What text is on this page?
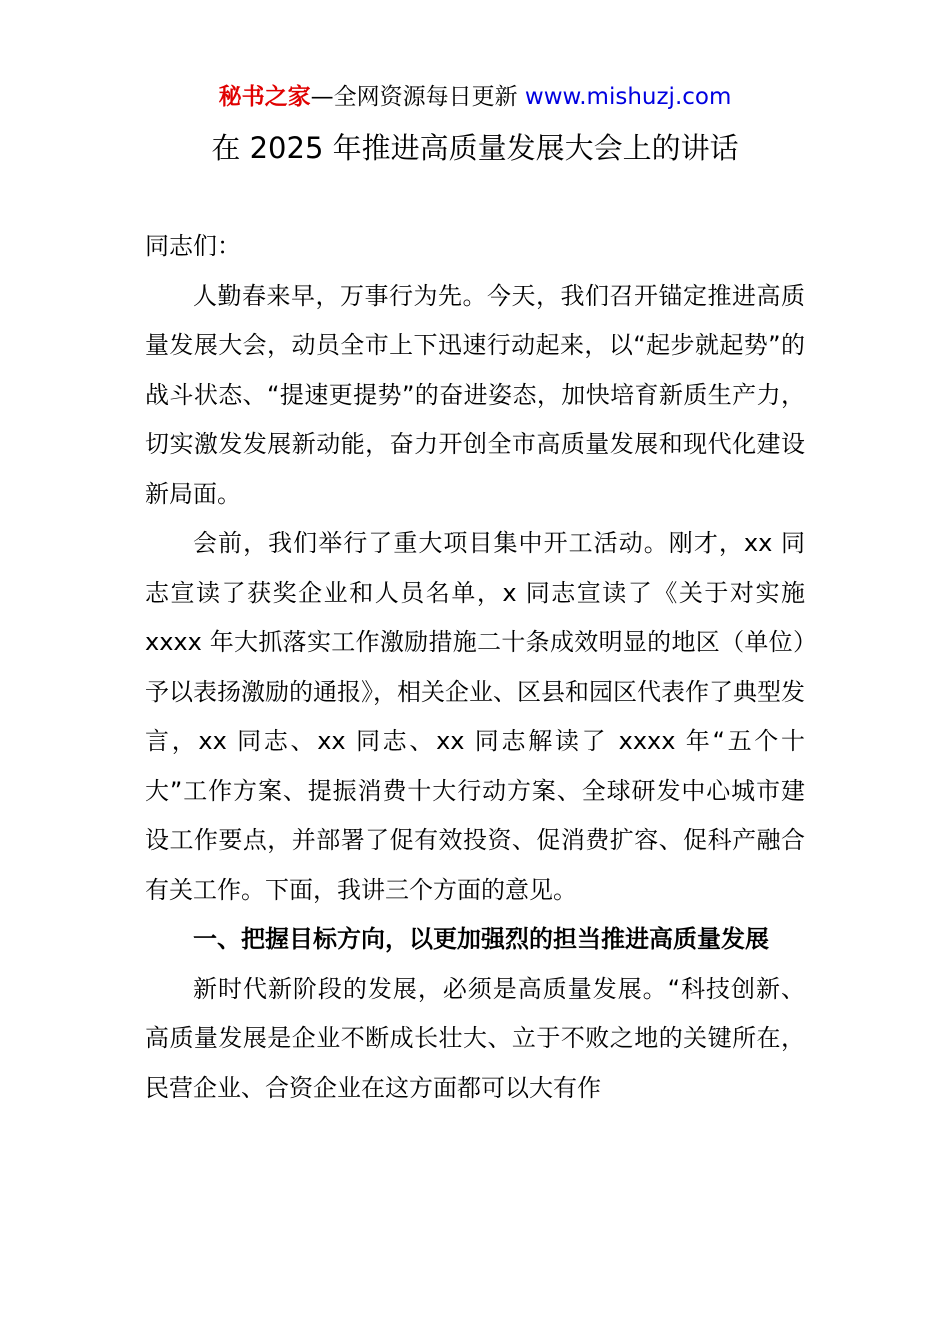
秘书之家—全网资源每日更新 www.mishuzj.com
在 2025 年推进高质量发展大会上的讲话

同志们：

人勤春来早，万事行为先。今天，我们召开锚定推进高质量发展大会，动员全市上下迅速行动起来，以“起步就起势”的战斗状态、“提速更提势”的奋进姿态，加快培育新质生产力，切实激发发展新动能，奋力开创全市高质量发展和现代化建设新局面。

会前，我们举行了重大项目集中开工活动。刚才，xx 同志宣读了获奖企业和人员名单，x 同志宣读了《关于对实施 xxxx 年大抓落实工作激励措施二十条成效明显的地区（单位）予以表扬激励的通报》，相关企业、区县和园区代表作了典型发言，xx 同志、xx 同志、xx 同志解读了 xxxx 年“五个十大”工作方案、提振消费十大行动方案、全球研发中心城市建设工作要点，并部署了促有效投资、促消费扩容、促科产融合有关工作。下面，我讲三个方面的意见。

一、把握目标方向，以更加强烈的担当推进高质量发展

新时代新阶段的发展，必须是高质量发展。“科技创新、高质量发展是企业不断成长壮大、立于不败之地的关键所在，民营企业、合资企业在这方面都可以大有作
